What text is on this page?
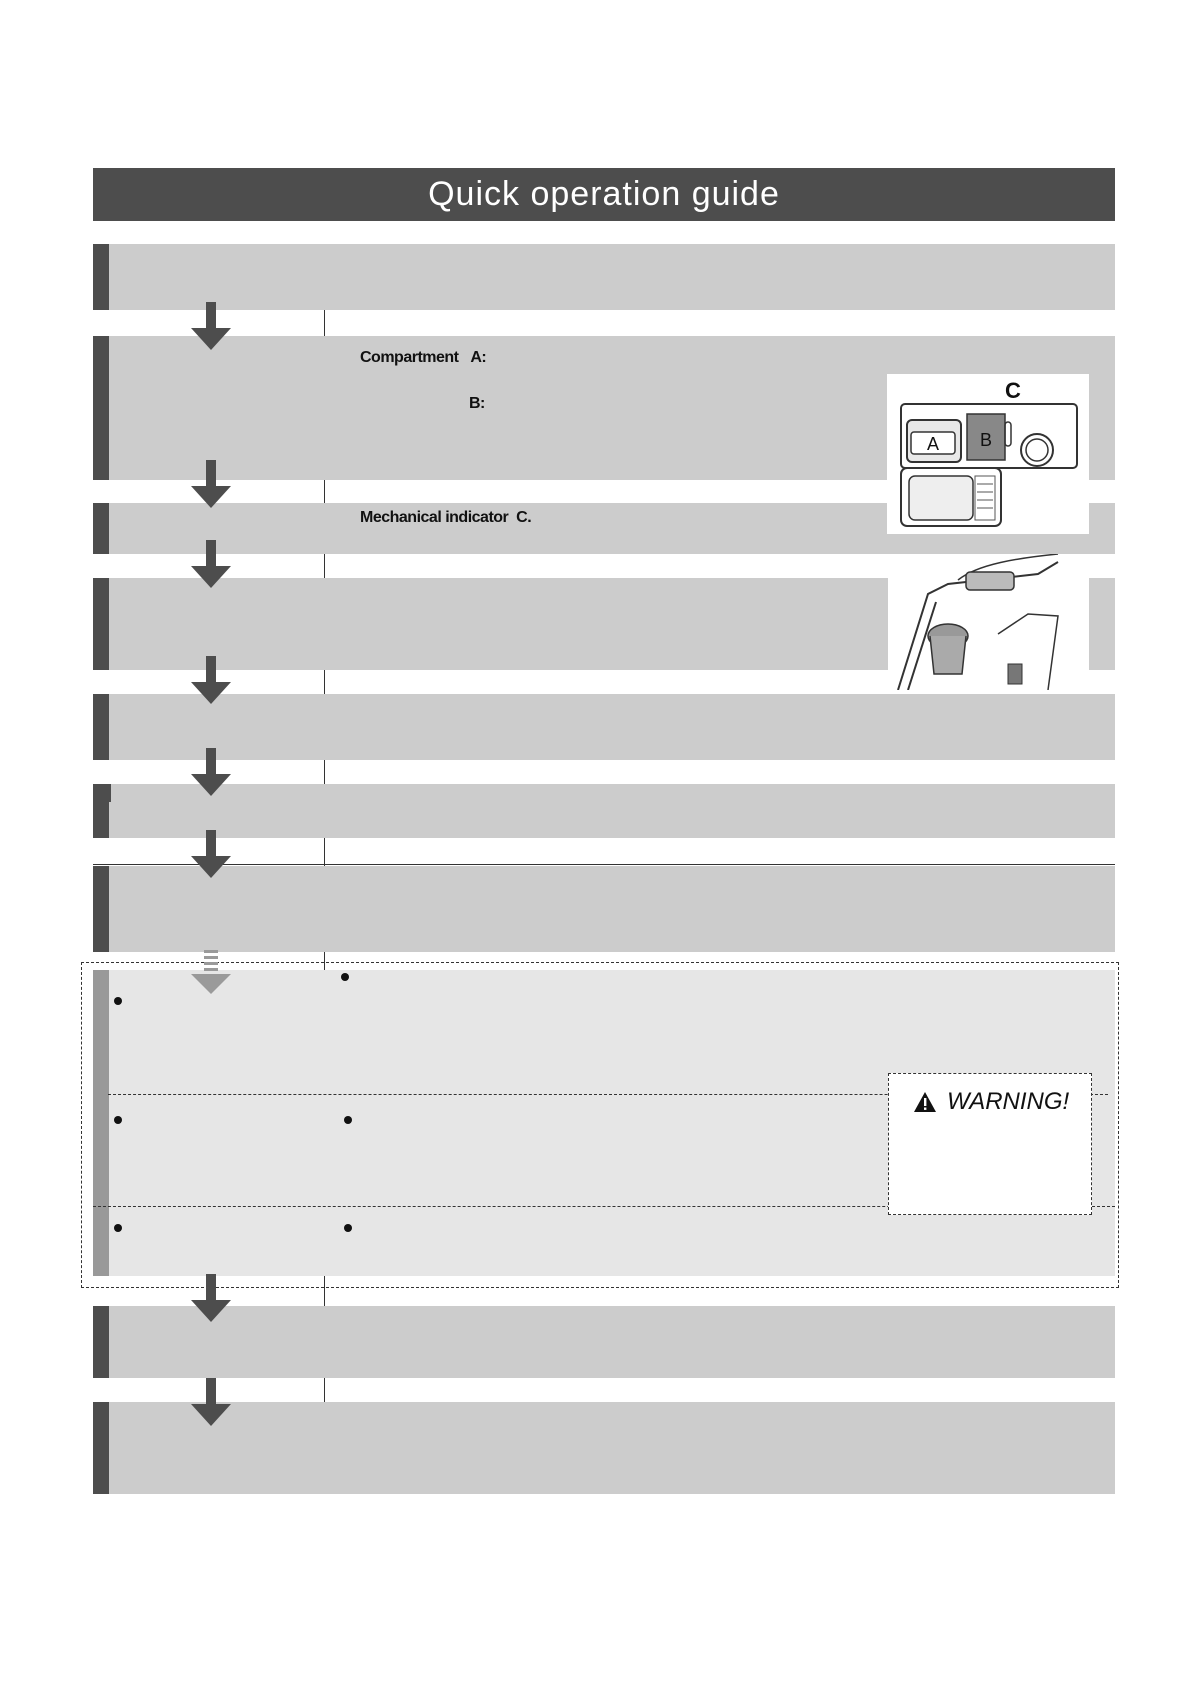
Quick operation guide
Compartment A:
B:
Mechanical indicator C.
A B
C
WARNING!
